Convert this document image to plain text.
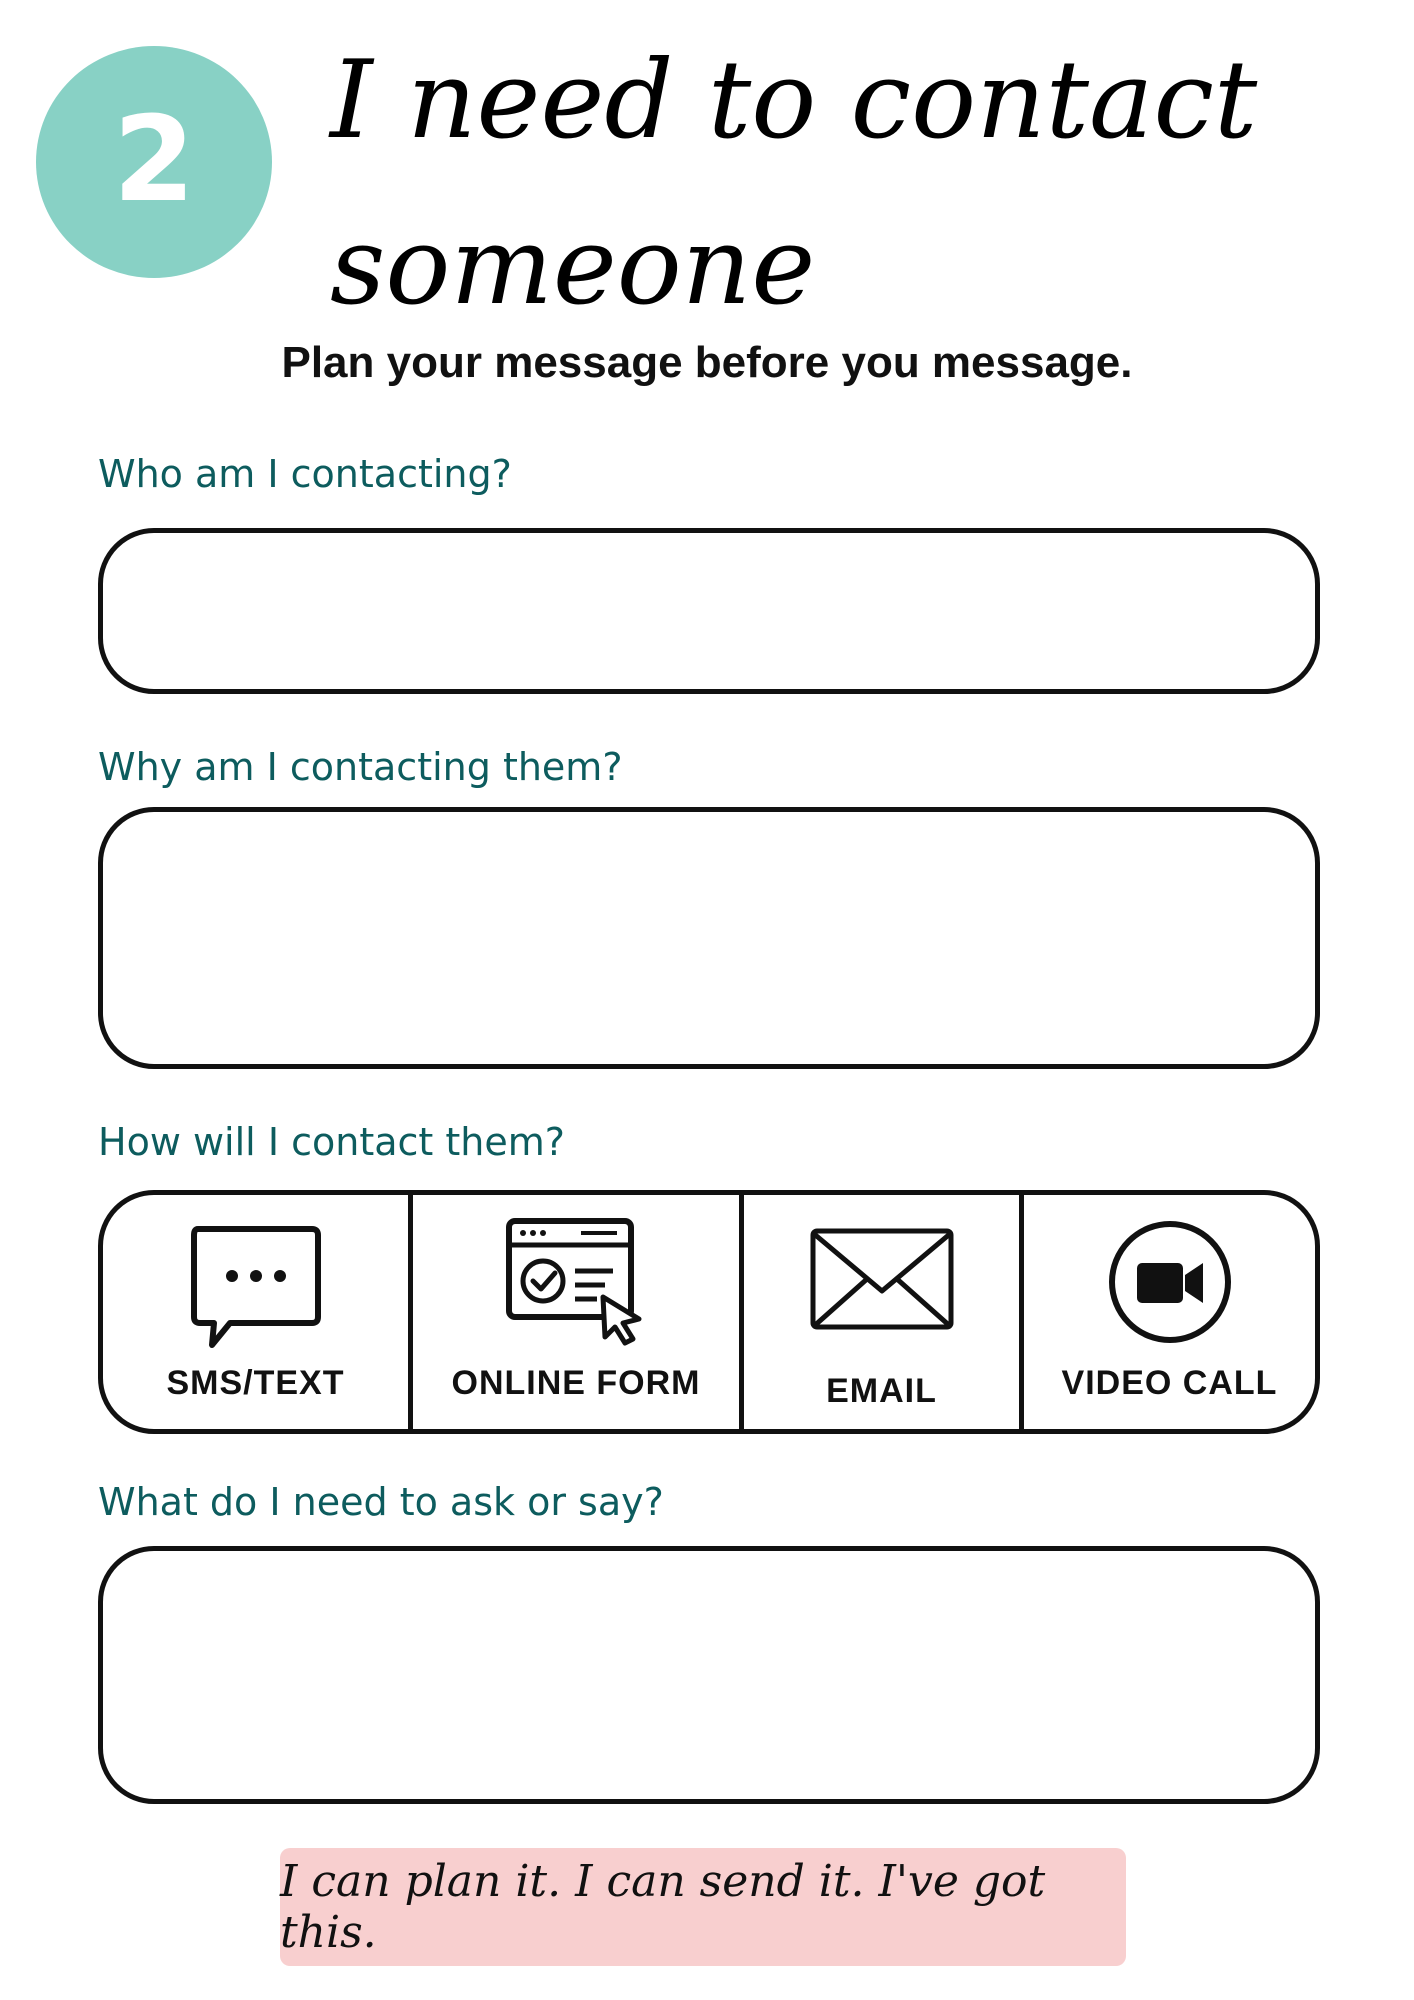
2 I need to contact
someone
Plan your message before you message.
Who am I contacting?
Why am I contacting them?
How will I contact them?
SMS/TEXT	ONLINE FORM	EMAIL	VIDEO CALL
What do I need to ask or say?
I can plan it. I can send it. I've got this.
